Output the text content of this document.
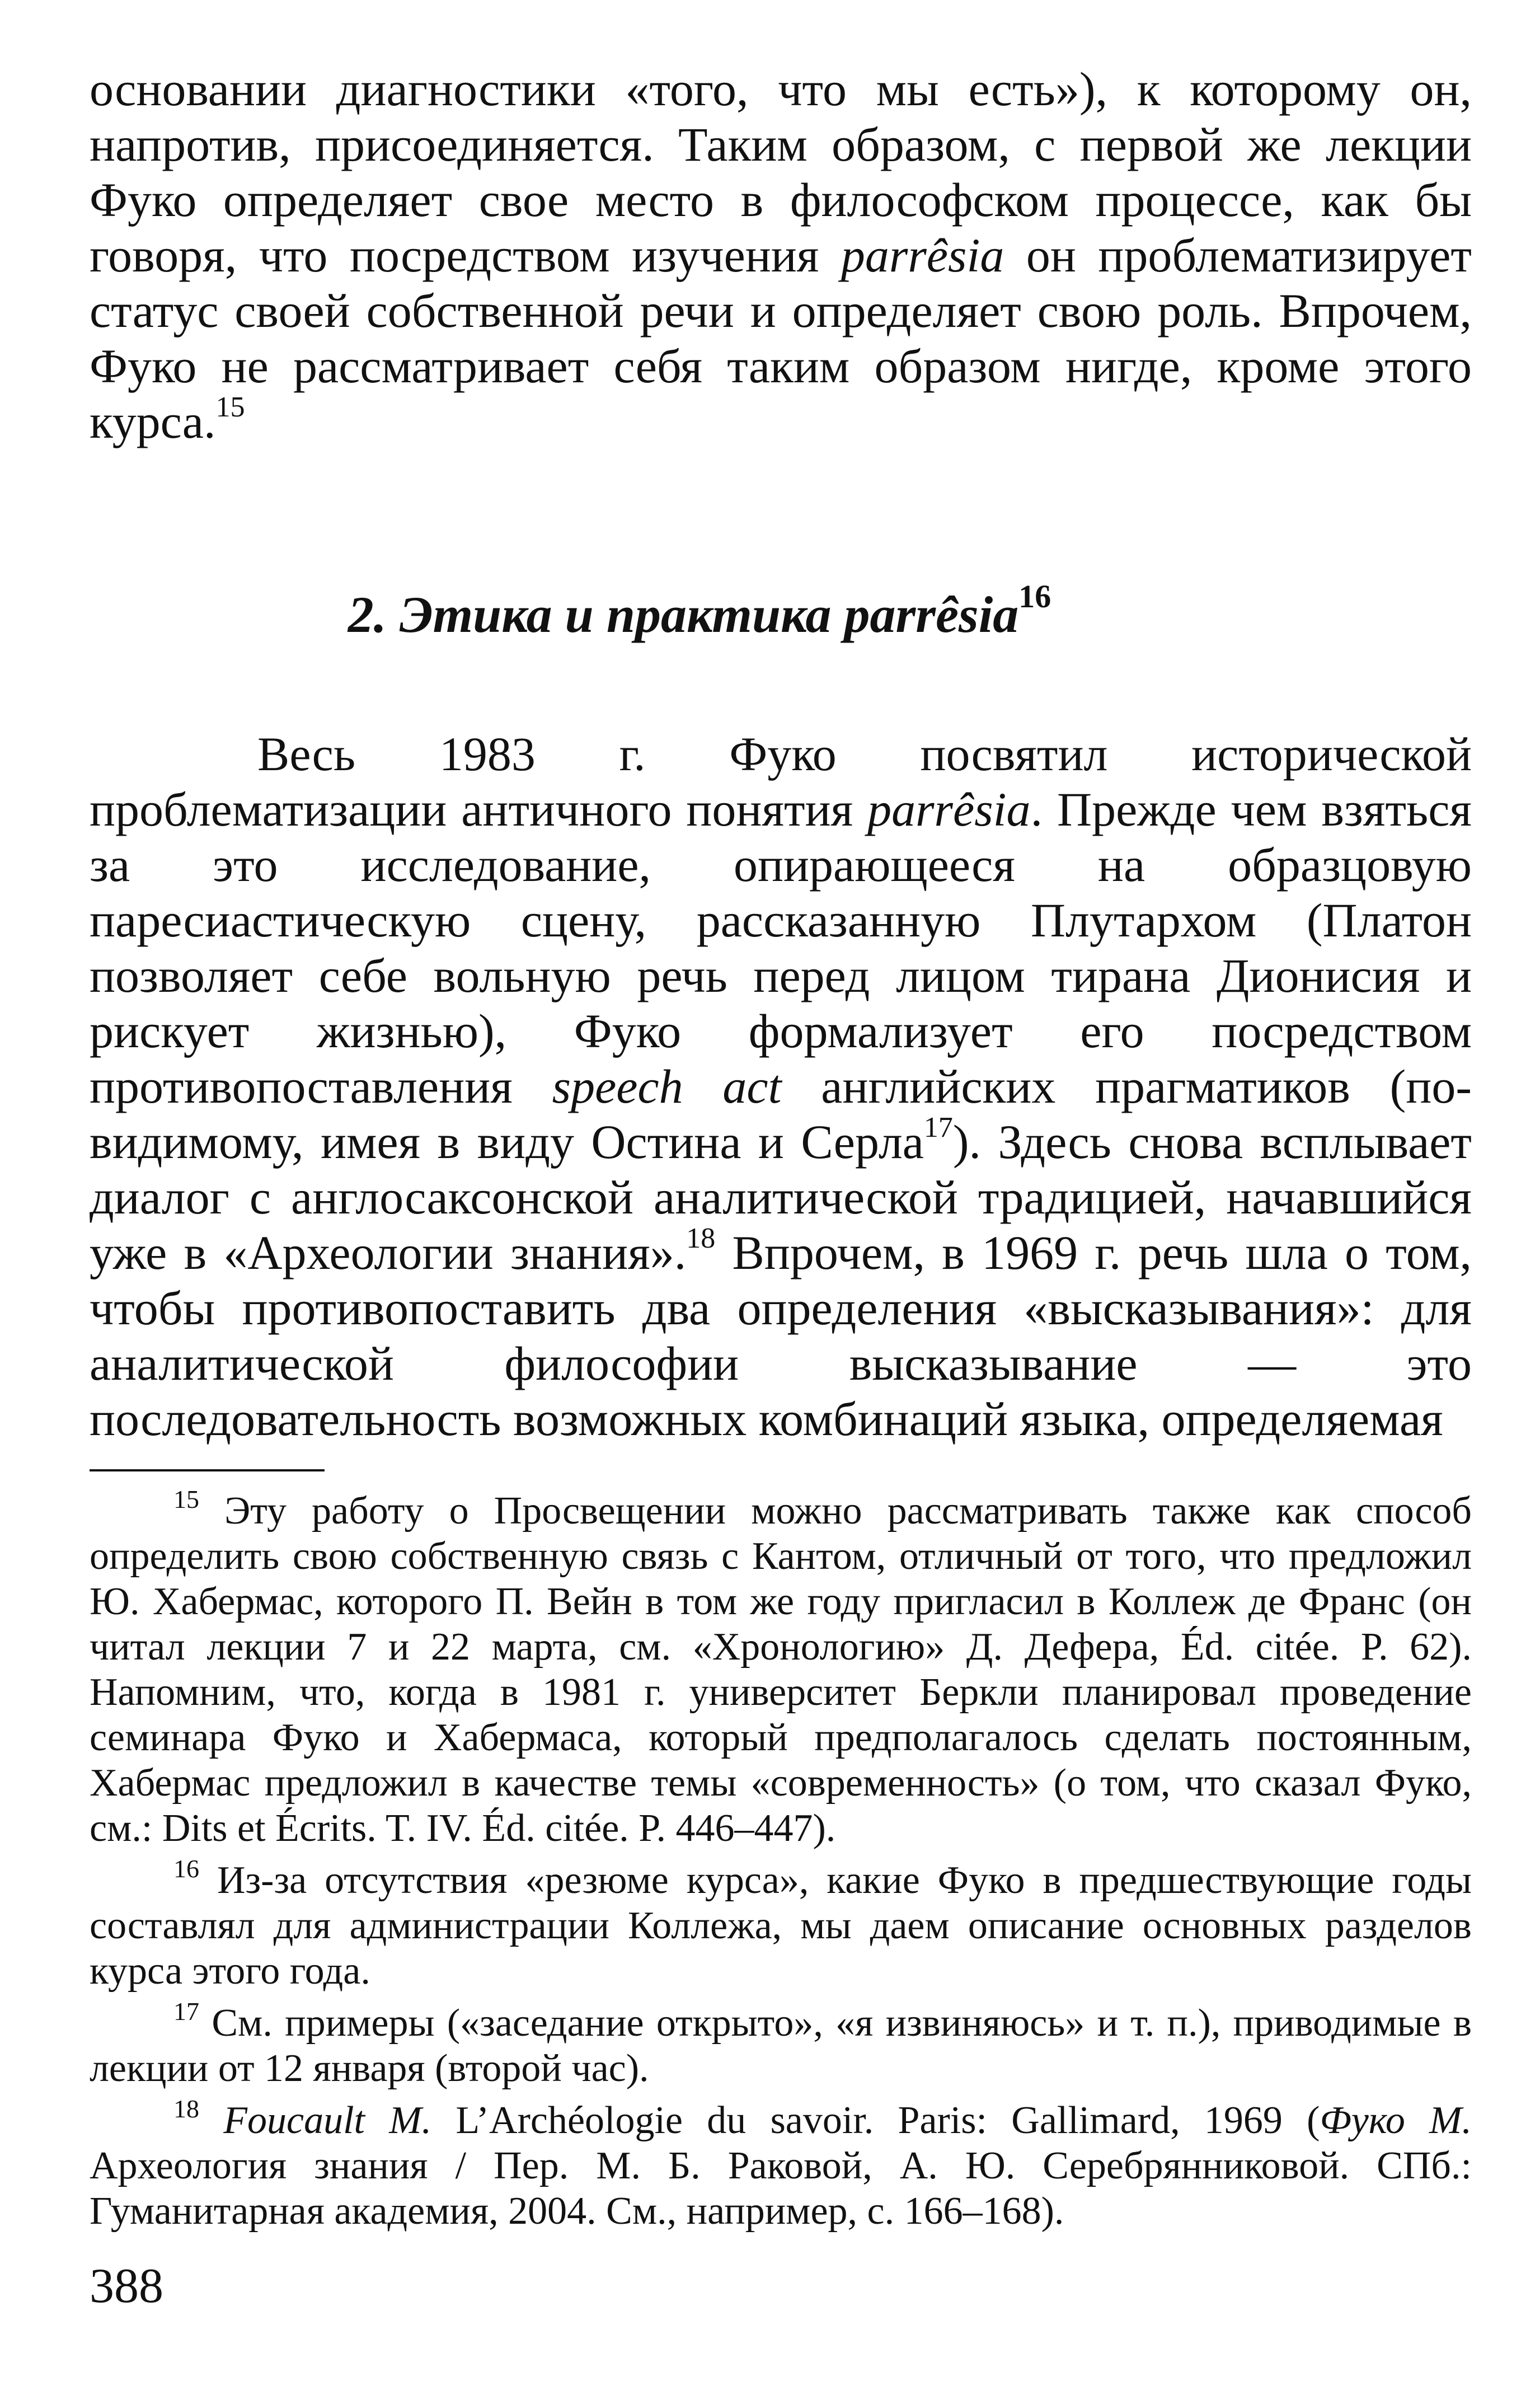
основании диагностики «того, что мы есть»), к которому он, напротив, присоединяется. Таким образом, с первой же лекции Фуко определяет свое место в философском процессе, как бы говоря, что посредством изучения parrêsia он проблематизирует статус своей собственной речи и определяет свою роль. Впрочем, Фуко не рассматривает себя таким образом нигде, кроме этого курса.$^{15}$

2. Этика и практика parrêsia$^{16}$

Весь 1983 г. Фуко посвятил исторической проблематизации античного понятия parrêsia. Прежде чем взяться за это исследование, опирающееся на образцовую паресиастическую сцену, рассказанную Плутархом (Платон позволяет себе вольную речь перед лицом тирана Дионисия и рискует жизнью), Фуко формализует его посредством противопоставления speech act английских прагматиков (по-видимому, имея в виду Остина и Серла$^{17}$). Здесь снова всплывает диалог с англосаксонской аналитической традицией, начавшийся уже в «Археологии знания».$^{18}$ Впрочем, в 1969 г. речь шла о том, чтобы противопоставить два определения «высказывания»: для аналитической философии высказывание — это последовательность возможных комбинаций языка, определяемая

$^{15}$ Эту работу о Просвещении можно рассматривать также как способ определить свою собственную связь с Кантом, отличный от того, что предложил Ю. Хабермас, которого П. Вейн в том же году пригласил в Коллеж де Франс (он читал лекции 7 и 22 марта, см. «Хронологию» Д. Дефера, Éd. citée. P. 62). Напомним, что, когда в 1981 г. университет Беркли планировал проведение семинара Фуко и Хабермаса, который предполагалось сделать постоянным, Хабермас предложил в качестве темы «современность» (о том, что сказал Фуко, см.: Dits et Écrits. T. IV. Éd. citée. P. 446–447).

$^{16}$ Из-за отсутствия «резюме курса», какие Фуко в предшествующие годы составлял для администрации Коллежа, мы даем описание основных разделов курса этого года.

$^{17}$ См. примеры («заседание открыто», «я извиняюсь» и т. п.), приводимые в лекции от 12 января (второй час).

$^{18}$ Foucault M. L’Archéologie du savoir. Paris: Gallimard, 1969 (Фуко М. Археология знания / Пер. М. Б. Раковой, А. Ю. Серебрянниковой. СПб.: Гуманитарная академия, 2004. См., например, с. 166–168).

388
